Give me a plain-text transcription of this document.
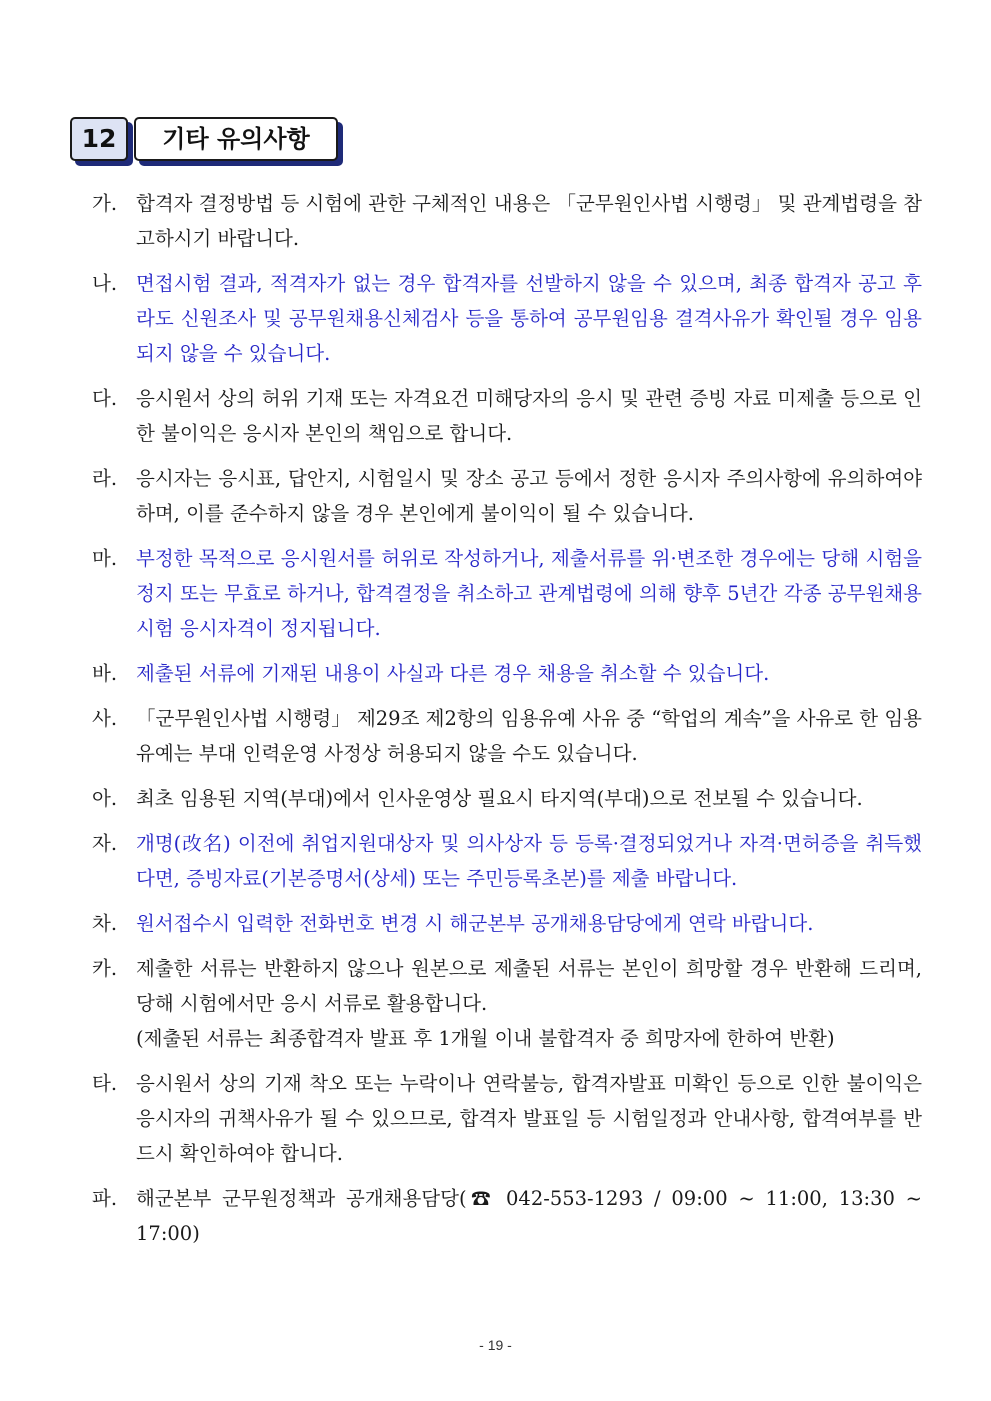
12	기타 유의사항
가. 합격자 결정방법 등 시험에 관한 구체적인 내용은 「군무원인사법 시행령」 및 관계법령을 참고하시기 바랍니다.
나. 면접시험 결과, 적격자가 없는 경우 합격자를 선발하지 않을 수 있으며, 최종 합격자 공고 후라도 신원조사 및 공무원채용신체검사 등을 통하여 공무원임용 결격사유가 확인될 경우 임용되지 않을 수 있습니다.
다. 응시원서 상의 허위 기재 또는 자격요건 미해당자의 응시 및 관련 증빙 자료 미제출 등으로 인한 불이익은 응시자 본인의 책임으로 합니다.
라. 응시자는 응시표, 답안지, 시험일시 및 장소 공고 등에서 정한 응시자 주의사항에 유의하여야 하며, 이를 준수하지 않을 경우 본인에게 불이익이 될 수 있습니다.
마. 부정한 목적으로 응시원서를 허위로 작성하거나, 제출서류를 위·변조한 경우에는 당해 시험을 정지 또는 무효로 하거나, 합격결정을 취소하고 관계법령에 의해 향후 5년간 각종 공무원채용시험 응시자격이 정지됩니다.
바. 제출된 서류에 기재된 내용이 사실과 다른 경우 채용을 취소할 수 있습니다.
사. 「군무원인사법 시행령」 제29조 제2항의 임용유예 사유 중 “학업의 계속”을 사유로 한 임용유예는 부대 인력운영 사정상 허용되지 않을 수도 있습니다.
아. 최초 임용된 지역(부대)에서 인사운영상 필요시 타지역(부대)으로 전보될 수 있습니다.
자. 개명(改名) 이전에 취업지원대상자 및 의사상자 등 등록·결정되었거나 자격·면허증을 취득했다면, 증빙자료(기본증명서(상세) 또는 주민등록초본)를 제출 바랍니다.
차. 원서접수시 입력한 전화번호 변경 시 해군본부 공개채용담당에게 연락 바랍니다.
카. 제출한 서류는 반환하지 않으나 원본으로 제출된 서류는 본인이 희망할 경우 반환해 드리며, 당해 시험에서만 응시 서류로 활용합니다.
(제출된 서류는 최종합격자 발표 후 1개월 이내 불합격자 중 희망자에 한하여 반환)
타. 응시원서 상의 기재 착오 또는 누락이나 연락불능, 합격자발표 미확인 등으로 인한 불이익은 응시자의 귀책사유가 될 수 있으므로, 합격자 발표일 등 시험일정과 안내사항, 합격여부를 반드시 확인하여야 합니다.
파. 해군본부 군무원정책과 공개채용담당(☎ 042-553-1293 / 09:00 ~ 11:00, 13:30 ~ 17:00)
- 19 -
